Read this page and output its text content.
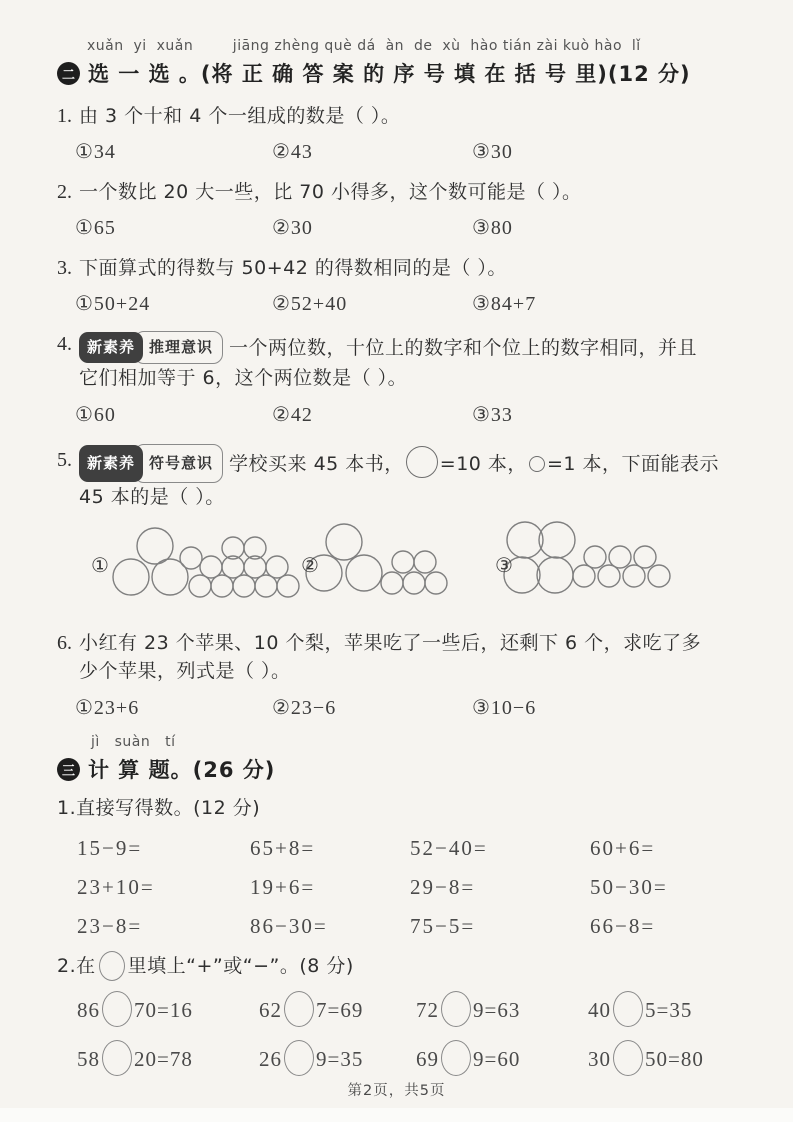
xuǎn  yi  xuǎn        jiāng zhèng què dá  àn  de  xù  hào tián zài kuò hào  lǐ
二 选 一 选 。(将 正 确 答 案 的 序 号 填 在 括 号 里)(12 分)
1. 由 3 个十和 4 个一组成的数是（ ）。
①34	②43	③30
2. 一个数比 20 大一些，比 70 小得多，这个数可能是（ ）。
①65	②30	③80
3. 下面算式的得数与 50+42 的得数相同的是（ ）。
①50+24	②52+40	③84+7
4.	新素养 推理意识 一个两位数，十位上的数字和个位上的数字相同，并且
它们相加等于 6，这个两位数是（ ）。
①60	②42	③33
5.	新素养 符号意识 学校买来 45 本书， =10 本， =1 本，下面能表示
45 本的是（ ）。
①	②	③
6. 小红有 23 个苹果、10 个梨，苹果吃了一些后，还剩下 6 个，求吃了多
少个苹果，列式是（ ）。
①23+6	②23−6	③10−6
jì   suàn   tí
三 计 算 题。(26 分)
1.直接写得数。(12 分)
15−9=	65+8=	52−40=	60+6=
23+10=	19+6=	29−8=	50−30=
23−8=	86−30=	75−5=	66−8=
2.在 里填上“+”或“−”。(8 分)
86 70=16	62 7=69	72 9=63	40 5=35
58 20=78	26 9=35	69 9=60	30 50=80
第2页，共5页
